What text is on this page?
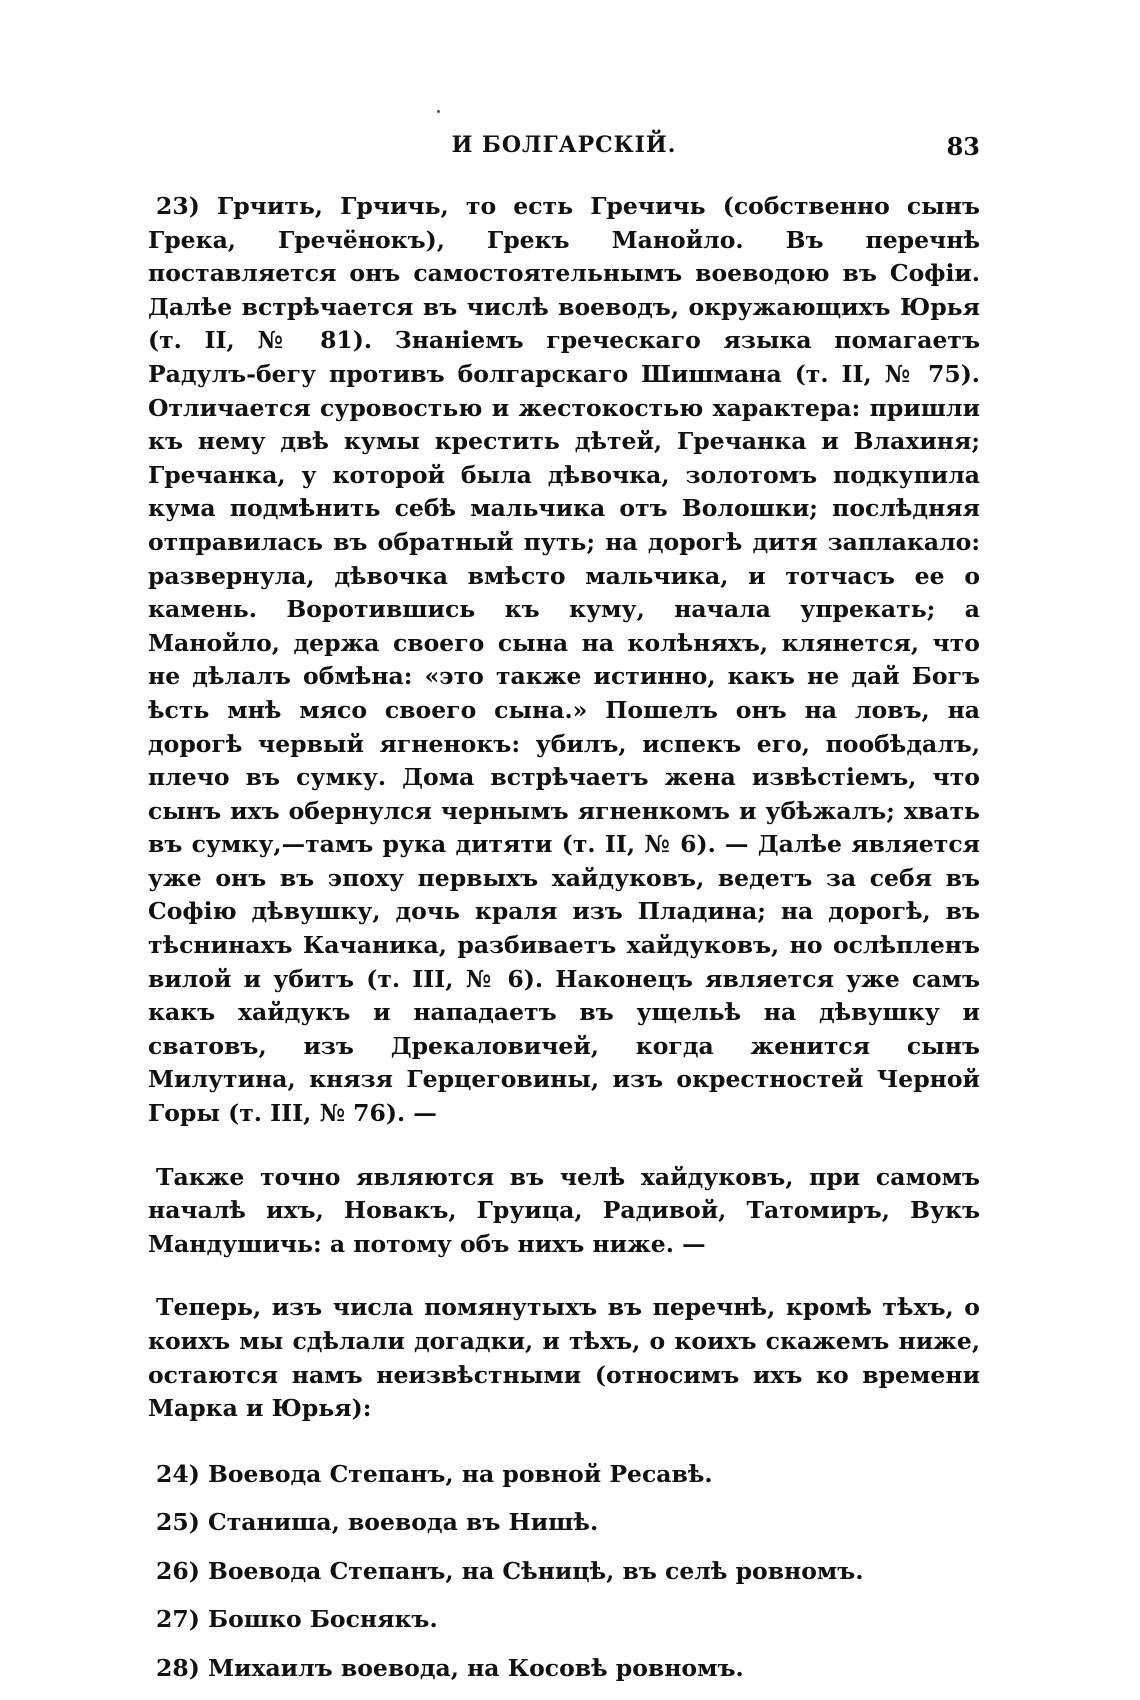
И БОЛГАРСКІЙ.	83

23) Грчить, Грчичь, то есть Гречичь (собственно сынъ Грека, Гречёнокъ), Грекъ Манойло. Въ перечнѣ поставляется онъ самостоятельнымъ воеводою въ Софіи. Далѣе встрѣчается въ числѣ воеводъ, окружающихъ Юрья (т. II, № 81). Знаніемъ греческаго языка помагаетъ Радулъ-бегу противъ болгарскаго Шишмана (т. II, № 75). Отличается суровостью и жестокостью характера: пришли къ нему двѣ кумы крестить дѣтей, Гречанка и Влахиня; Гречанка, у которой была дѣвочка, золотомъ подкупила кума подмѣнить себѣ мальчика отъ Волошки; послѣдняя отправилась въ обратный путь; на дорогѣ дитя заплакало: развернула, дѣвочка вмѣсто мальчика, и тотчасъ ее о камень. Воротившись къ куму, начала упрекать; а Манойло, держа своего сына на колѣняхъ, клянется, что не дѣлалъ обмѣна: «это также истинно, какъ не дай Богъ ѣсть мнѣ мясо своего сына.» Пошелъ онъ на ловъ, на дорогѣ червый ягненокъ: убилъ, испекъ его, пообѣдалъ, плечо въ сумку. Дома встрѣчаетъ жена извѣстіемъ, что сынъ ихъ обернулся чернымъ ягненкомъ и убѣжалъ; хвать въ сумку,—тамъ рука дитяти (т. II, № 6). — Далѣе является уже онъ въ эпоху первыхъ хайдуковъ, ведетъ за себя въ Софію дѣвушку, дочь краля изъ Пладина; на дорогѣ, въ тѣснинахъ Качаника, разбиваетъ хайдуковъ, но ослѣпленъ вилой и убитъ (т. III, № 6). Наконецъ является уже самъ какъ хайдукъ и нападаетъ въ ущельѣ на дѣвушку и сватовъ, изъ Дрекаловичей, когда женится сынъ Милутина, князя Герцеговины, изъ окрестностей Черной Горы (т. III, № 76). —

Также точно являются въ челѣ хайдуковъ, при самомъ началѣ ихъ, Новакъ, Груица, Радивой, Татомиръ, Вукъ Мандушичь: а потому объ нихъ ниже. —

Теперь, изъ числа помянутыхъ въ перечнѣ, кромѣ тѣхъ, о коихъ мы сдѣлали догадки, и тѣхъ, о коихъ скажемъ ниже, остаются намъ неизвѣстными (относимъ ихъ ко времени Марка и Юрья):

24) Воевода Степанъ, на ровной Ресавѣ.
25) Станиша, воевода въ Нишѣ.
26) Воевода Степанъ, на Сѣницѣ, въ селѣ ровномъ.
27) Бошко Боснякъ.
28) Михаилъ воевода, на Косовѣ ровномъ.
